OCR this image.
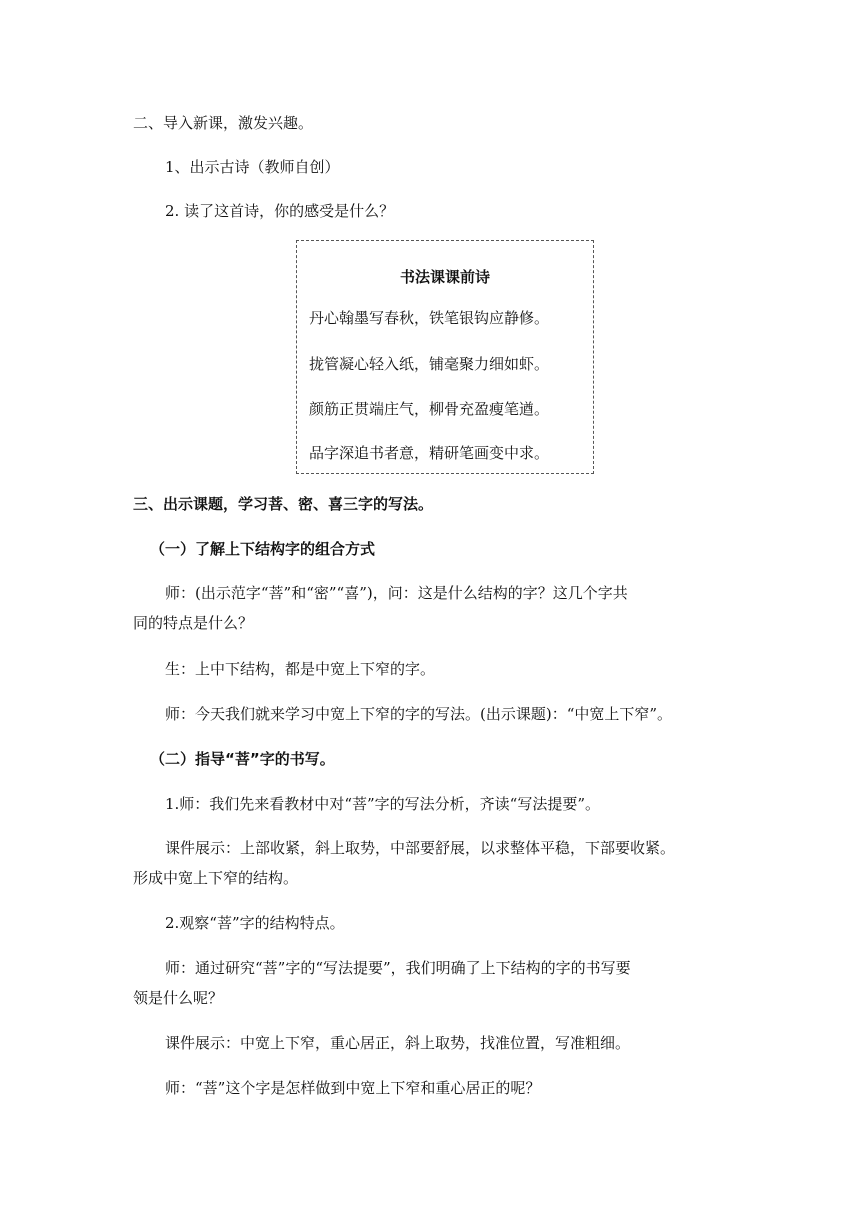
二、导入新课，激发兴趣。

1、出示古诗（教师自创）

2. 读了这首诗，你的感受是什么？

书法课课前诗
丹心翰墨写春秋，铁笔银钩应静修。
拢管凝心轻入纸，铺毫聚力细如虾。
颜筋正贯端庄气，柳骨充盈瘦笔遒。
品字深追书者意，精研笔画变中求。

三、出示课题，学习菩、密、喜三字的写法。

（一）了解上下结构字的组合方式

师：(出示范字“菩”和“密”“喜”)，问：这是什么结构的字？这几个字共

同的特点是什么？

生：上中下结构，都是中宽上下窄的字。

师：今天我们就来学习中宽上下窄的字的写法。(出示课题)：“中宽上下窄”。

（二）指导“菩”字的书写。

1.师：我们先来看教材中对“菩”字的写法分析，齐读“写法提要”。

课件展示：上部收紧，斜上取势，中部要舒展，以求整体平稳，下部要收紧。

形成中宽上下窄的结构。

2.观察“菩”字的结构特点。

师：通过研究“菩”字的“写法提要”，我们明确了上下结构的字的书写要

领是什么呢？

课件展示：中宽上下窄，重心居正，斜上取势，找准位置，写准粗细。

师：“菩”这个字是怎样做到中宽上下窄和重心居正的呢？
